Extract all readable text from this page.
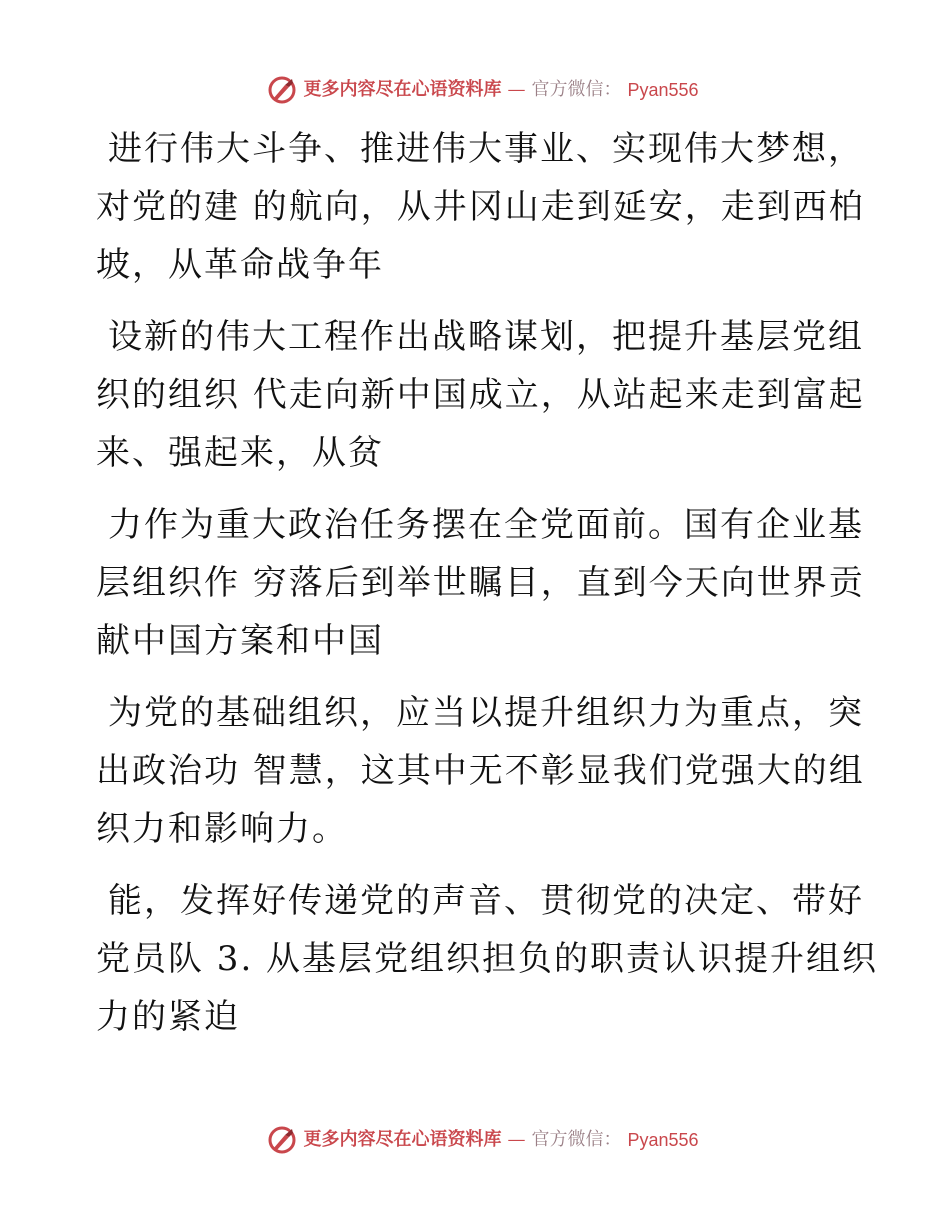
更多内容尽在心语资料库 — 官方微信： Pyan556

进行伟大斗争、推进伟大事业、实现伟大梦想，
对党的建 的航向，从井冈山走到延安，走到西柏
坡，从革命战争年

设新的伟大工程作出战略谋划，把提升基层党组
织的组织 代走向新中国成立，从站起来走到富起
来、强起来，从贫

力作为重大政治任务摆在全党面前。国有企业基
层组织作 穷落后到举世瞩目，直到今天向世界贡
献中国方案和中国

为党的基础组织，应当以提升组织力为重点，突
出政治功 智慧，这其中无不彰显我们党强大的组
织力和影响力。

能，发挥好传递党的声音、贯彻党的决定、带好
党员队 3. 从基层党组织担负的职责认识提升组织
力的紧迫

更多内容尽在心语资料库 — 官方微信： Pyan556
